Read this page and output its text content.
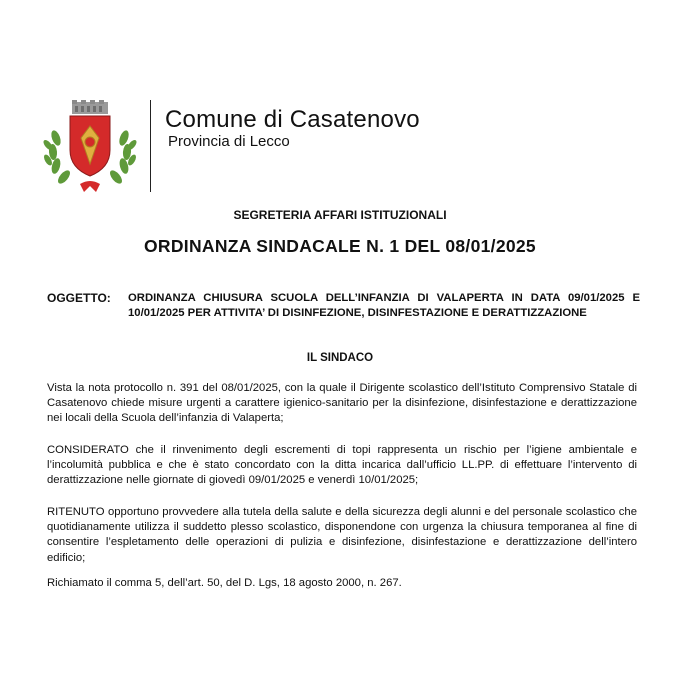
Comune di Casatenovo
Provincia di Lecco
SEGRETERIA AFFARI ISTITUZIONALI
ORDINANZA SINDACALE N. 1 DEL 08/01/2025
OGGETTO: ORDINANZA CHIUSURA SCUOLA DELL’INFANZIA DI VALAPERTA IN DATA 09/01/2025 E 10/01/2025 PER ATTIVITA’ DI DISINFEZIONE, DISINFESTAZIONE E DERATTIZZAZIONE
IL SINDACO
Vista la nota protocollo n. 391 del 08/01/2025, con la quale il Dirigente scolastico dell’Istituto Comprensivo Statale di Casatenovo chiede misure urgenti a carattere igienico-sanitario per la disinfezione, disinfestazione e derattizzazione nei locali della Scuola dell’infanzia di Valaperta;
CONSIDERATO che il rinvenimento degli escrementi di topi rappresenta un rischio per l’igiene ambientale e l’incolumità pubblica e che è stato concordato con la ditta incarica dall’ufficio LL.PP. di effettuare l’intervento di derattizzazione nelle giornate di giovedì 09/01/2025 e venerdì 10/01/2025;
RITENUTO opportuno provvedere alla tutela della salute e della sicurezza degli alunni e del personale scolastico che quotidianamente utilizza il suddetto plesso scolastico, disponendone con urgenza la chiusura temporanea al fine di consentire l’espletamento delle operazioni di pulizia e disinfezione, disinfestazione e derattizzazione dell’intero edificio;
Richiamato il comma 5, dell’art. 50, del D. Lgs, 18 agosto 2000, n. 267.
